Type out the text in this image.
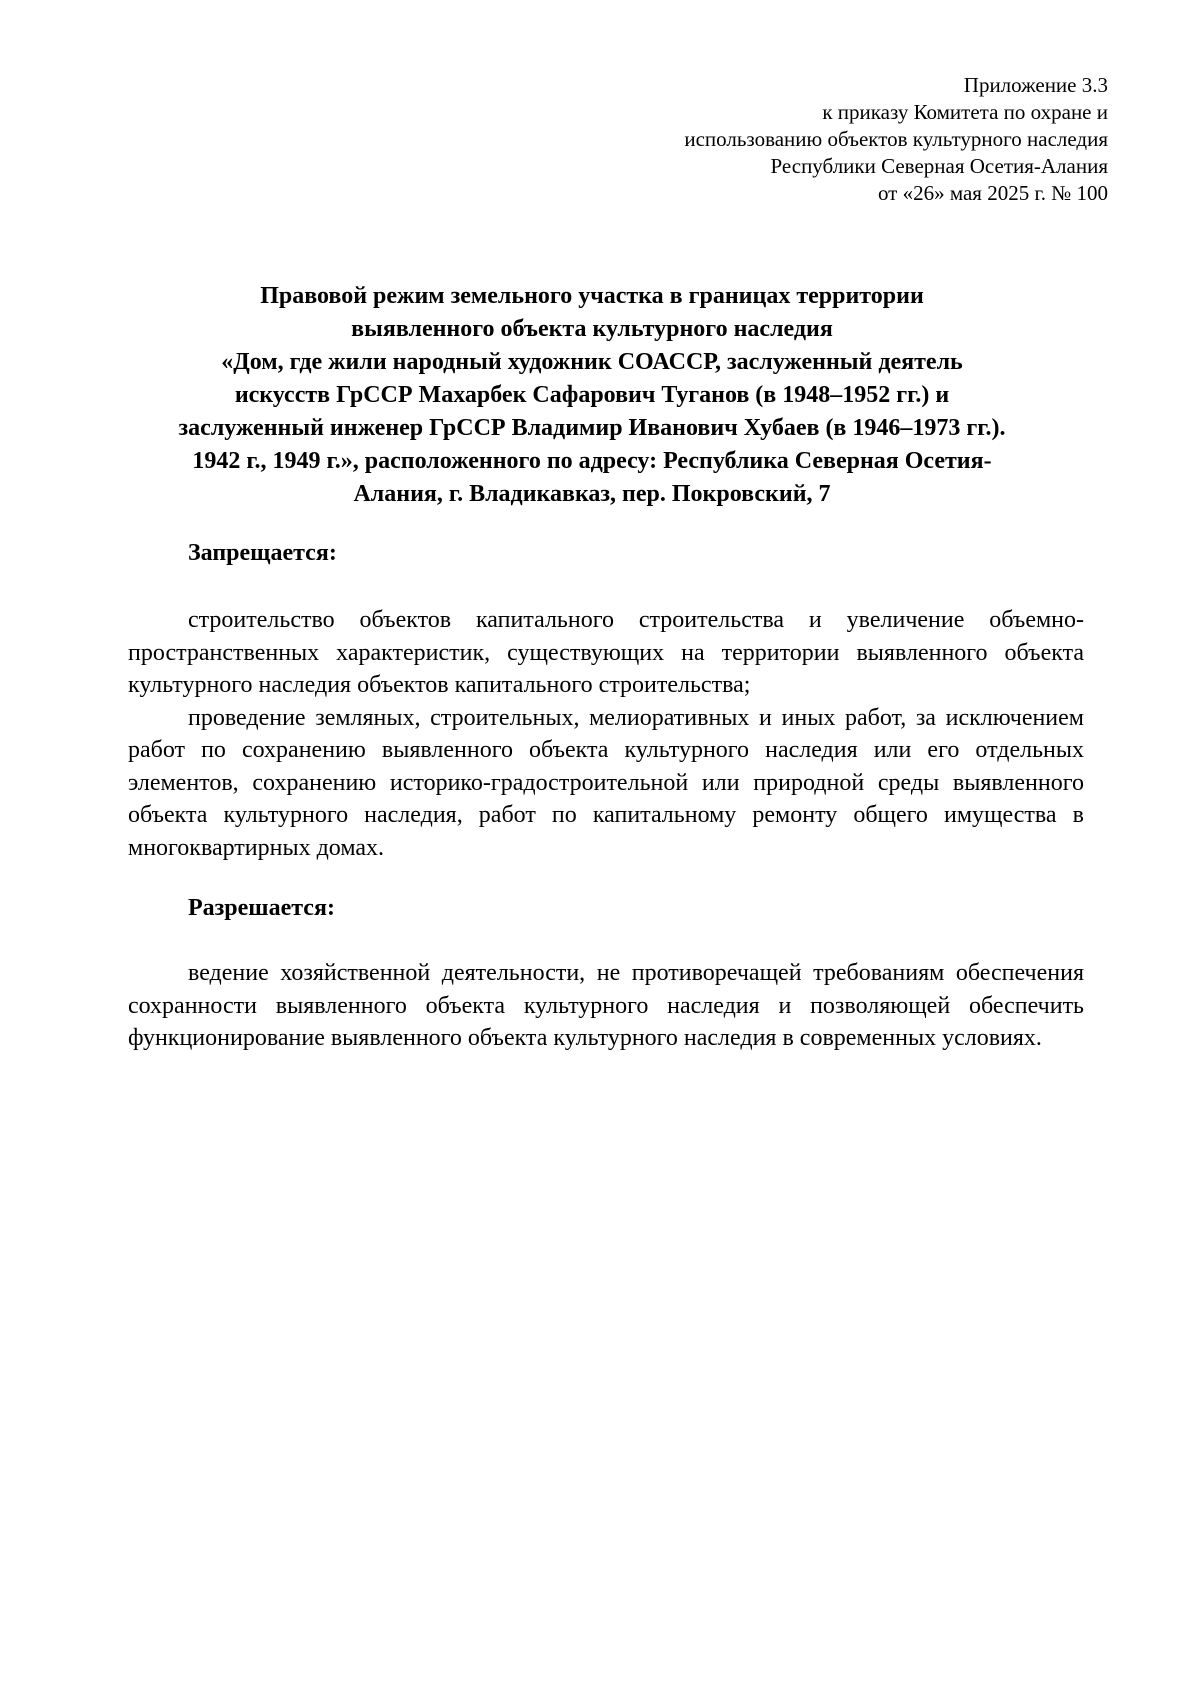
Приложение 3.3
к приказу Комитета по охране и
использованию объектов культурного наследия
Республики Северная Осетия-Алания
от «26» мая 2025 г. № 100
Правовой режим земельного участка в границах территории
выявленного объекта культурного наследия
«Дом, где жили народный художник СОАССР, заслуженный деятель
искусств ГрССР Махарбек Сафарович Туганов (в 1948–1952 гг.) и
заслуженный инженер ГрССР Владимир Иванович Хубаев (в 1946–1973 гг.).
1942 г., 1949 г.», расположенного по адресу: Республика Северная Осетия-
Алания, г. Владикавказ, пер. Покровский, 7
Запрещается:

строительство объектов капитального строительства и увеличение объемно-пространственных характеристик, существующих на территории выявленного объекта культурного наследия объектов капитального строительства;

проведение земляных, строительных, мелиоративных и иных работ, за исключением работ по сохранению выявленного объекта культурного наследия или его отдельных элементов, сохранению историко-градостроительной или природной среды выявленного объекта культурного наследия, работ по капитальному ремонту общего имущества в многоквартирных домах.

Разрешается:

ведение хозяйственной деятельности, не противоречащей требованиям обеспечения сохранности выявленного объекта культурного наследия и позволяющей обеспечить функционирование выявленного объекта культурного наследия в современных условиях.
